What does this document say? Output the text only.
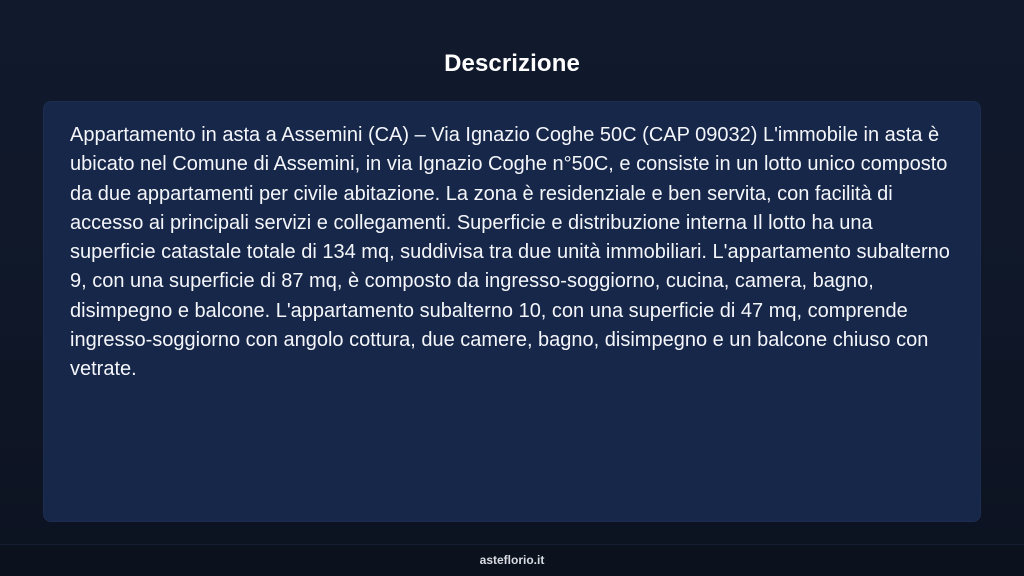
Descrizione

Appartamento in asta a Assemini (CA) – Via Ignazio Coghe 50C (CAP 09032) L'immobile in asta è ubicato nel Comune di Assemini, in via Ignazio Coghe n°50C, e consiste in un lotto unico composto da due appartamenti per civile abitazione. La zona è residenziale e ben servita, con facilità di accesso ai principali servizi e collegamenti. Superficie e distribuzione interna Il lotto ha una superficie catastale totale di 134 mq, suddivisa tra due unità immobiliari. L'appartamento subalterno 9, con una superficie di 87 mq, è composto da ingresso-soggiorno, cucina, camera, bagno, disimpegno e balcone. L'appartamento subalterno 10, con una superficie di 47 mq, comprende ingresso-soggiorno con angolo cottura, due camere, bagno, disimpegno e un balcone chiuso con vetrate.

asteflorio.it
